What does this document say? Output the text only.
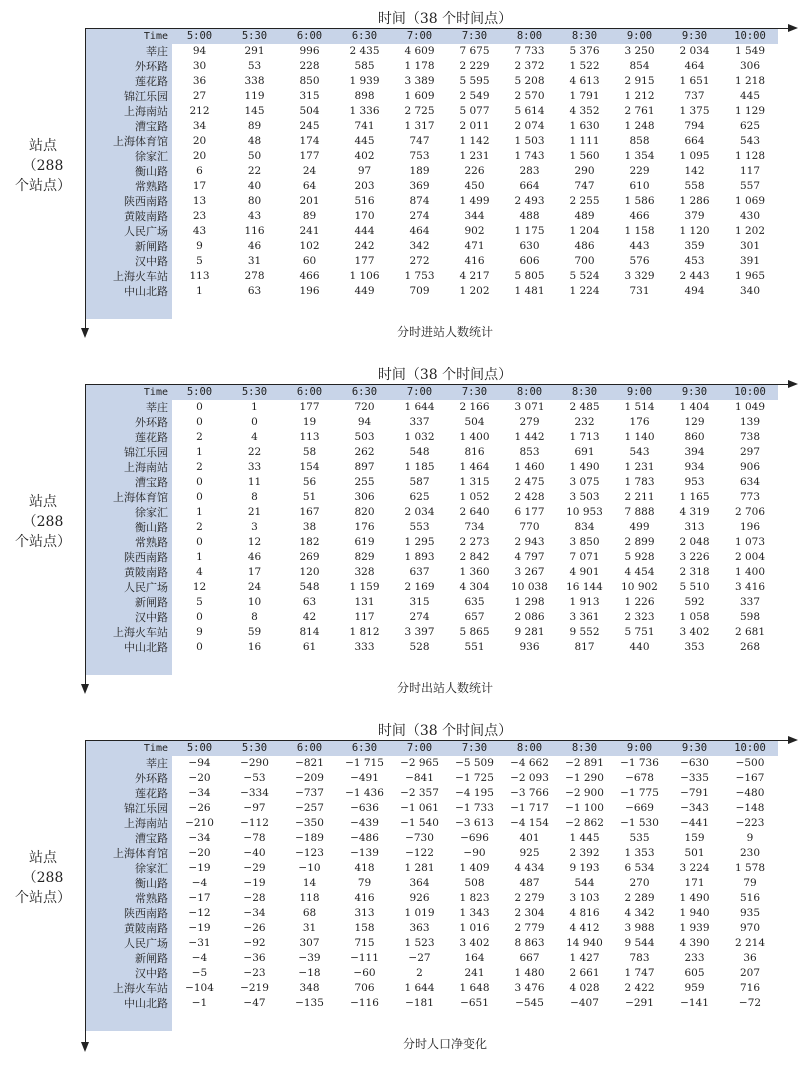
时间（38 个时间点）
站点
（288
个站点）
Time	5:00	5:30	6:00	6:30	7:00	7:30	8:00	8:30	9:00	9:30	10:00
莘庄	94	291	996	2 435	4 609	7 675	7 733	5 376	3 250	2 034	1 549
外环路	30	53	228	585	1 178	2 229	2 372	1 522	854	464	306
莲花路	36	338	850	1 939	3 389	5 595	5 208	4 613	2 915	1 651	1 218
锦江乐园	27	119	315	898	1 609	2 549	2 570	1 791	1 212	737	445
上海南站	212	145	504	1 336	2 725	5 077	5 614	4 352	2 761	1 375	1 129
漕宝路	34	89	245	741	1 317	2 011	2 074	1 630	1 248	794	625
上海体育馆	20	48	174	445	747	1 142	1 503	1 111	858	664	543
徐家汇	20	50	177	402	753	1 231	1 743	1 560	1 354	1 095	1 128
衡山路	6	22	24	97	189	226	283	290	229	142	117
常熟路	17	40	64	203	369	450	664	747	610	558	557
陕西南路	13	80	201	516	874	1 499	2 493	2 255	1 586	1 286	1 069
黄陂南路	23	43	89	170	274	344	488	489	466	379	430
人民广场	43	116	241	444	464	902	1 175	1 204	1 158	1 120	1 202
新闸路	9	46	102	242	342	471	630	486	443	359	301
汉中路	5	31	60	177	272	416	606	700	576	453	391
上海火车站	113	278	466	1 106	1 753	4 217	5 805	5 524	3 329	2 443	1 965
中山北路	1	63	196	449	709	1 202	1 481	1 224	731	494	340
分时进站人数统计
时间（38 个时间点）
站点
（288
个站点）
Time	5:00	5:30	6:00	6:30	7:00	7:30	8:00	8:30	9:00	9:30	10:00
莘庄	0	1	177	720	1 644	2 166	3 071	2 485	1 514	1 404	1 049
外环路	0	0	19	94	337	504	279	232	176	129	139
莲花路	2	4	113	503	1 032	1 400	1 442	1 713	1 140	860	738
锦江乐园	1	22	58	262	548	816	853	691	543	394	297
上海南站	2	33	154	897	1 185	1 464	1 460	1 490	1 231	934	906
漕宝路	0	11	56	255	587	1 315	2 475	3 075	1 783	953	634
上海体育馆	0	8	51	306	625	1 052	2 428	3 503	2 211	1 165	773
徐家汇	1	21	167	820	2 034	2 640	6 177	10 953	7 888	4 319	2 706
衡山路	2	3	38	176	553	734	770	834	499	313	196
常熟路	0	12	182	619	1 295	2 273	2 943	3 850	2 899	2 048	1 073
陕西南路	1	46	269	829	1 893	2 842	4 797	7 071	5 928	3 226	2 004
黄陂南路	4	17	120	328	637	1 360	3 267	4 901	4 454	2 318	1 400
人民广场	12	24	548	1 159	2 169	4 304	10 038	16 144	10 902	5 510	3 416
新闸路	5	10	63	131	315	635	1 298	1 913	1 226	592	337
汉中路	0	8	42	117	274	657	2 086	3 361	2 323	1 058	598
上海火车站	9	59	814	1 812	3 397	5 865	9 281	9 552	5 751	3 402	2 681
中山北路	0	16	61	333	528	551	936	817	440	353	268
分时出站人数统计
时间（38 个时间点）
站点
（288
个站点）
Time	5:00	5:30	6:00	6:30	7:00	7:30	8:00	8:30	9:00	9:30	10:00
莘庄	−94	−290	−821	−1 715	−2 965	−5 509	−4 662	−2 891	−1 736	−630	−500
外环路	−20	−53	−209	−491	−841	−1 725	−2 093	−1 290	−678	−335	−167
莲花路	−34	−334	−737	−1 436	−2 357	−4 195	−3 766	−2 900	−1 775	−791	−480
锦江乐园	−26	−97	−257	−636	−1 061	−1 733	−1 717	−1 100	−669	−343	−148
上海南站	−210	−112	−350	−439	−1 540	−3 613	−4 154	−2 862	−1 530	−441	−223
漕宝路	−34	−78	−189	−486	−730	−696	401	1 445	535	159	9
上海体育馆	−20	−40	−123	−139	−122	−90	925	2 392	1 353	501	230
徐家汇	−19	−29	−10	418	1 281	1 409	4 434	9 193	6 534	3 224	1 578
衡山路	−4	−19	14	79	364	508	487	544	270	171	79
常熟路	−17	−28	118	416	926	1 823	2 279	3 103	2 289	1 490	516
陕西南路	−12	−34	68	313	1 019	1 343	2 304	4 816	4 342	1 940	935
黄陂南路	−19	−26	31	158	363	1 016	2 779	4 412	3 988	1 939	970
人民广场	−31	−92	307	715	1 523	3 402	8 863	14 940	9 544	4 390	2 214
新闸路	−4	−36	−39	−111	−27	164	667	1 427	783	233	36
汉中路	−5	−23	−18	−60	2	241	1 480	2 661	1 747	605	207
上海火车站	−104	−219	348	706	1 644	1 648	3 476	4 028	2 422	959	716
中山北路	−1	−47	−135	−116	−181	−651	−545	−407	−291	−141	−72
分时人口净变化
